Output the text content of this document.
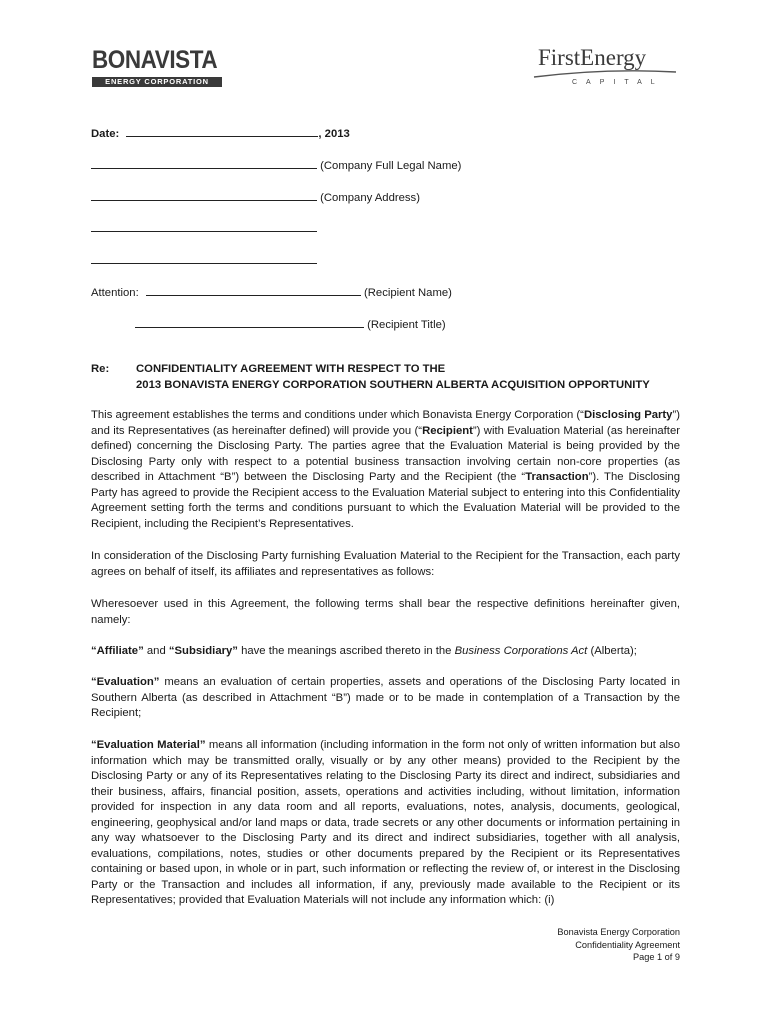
BONAVISTA
ENERGY CORPORATION
FirstEnergy
CAPITAL
Date:	, 2013
(Company Full Legal Name)
(Company Address)
Attention:	(Recipient Name)
(Recipient Title)
Re: CONFIDENTIALITY AGREEMENT WITH RESPECT TO THE
2013 BONAVISTA ENERGY CORPORATION SOUTHERN ALBERTA ACQUISITION OPPORTUNITY

This agreement establishes the terms and conditions under which Bonavista Energy Corporation (“Disclosing Party”) and its Representatives (as hereinafter defined) will provide you (“Recipient”) with Evaluation Material (as hereinafter defined) concerning the Disclosing Party. The parties agree that the Evaluation Material is being provided by the Disclosing Party only with respect to a potential business transaction involving certain non-core properties (as described in Attachment “B”) between the Disclosing Party and the Recipient (the “Transaction”). The Disclosing Party has agreed to provide the Recipient access to the Evaluation Material subject to entering into this Confidentiality Agreement setting forth the terms and conditions pursuant to which the Evaluation Material will be provided to the Recipient, including the Recipient’s Representatives.

In consideration of the Disclosing Party furnishing Evaluation Material to the Recipient for the Transaction, each party agrees on behalf of itself, its affiliates and representatives as follows:

Wheresoever used in this Agreement, the following terms shall bear the respective definitions hereinafter given, namely:

“Affiliate” and “Subsidiary” have the meanings ascribed thereto in the Business Corporations Act (Alberta);

“Evaluation” means an evaluation of certain properties, assets and operations of the Disclosing Party located in Southern Alberta (as described in Attachment “B”) made or to be made in contemplation of a Transaction by the Recipient;

“Evaluation Material” means all information (including information in the form not only of written information but also information which may be transmitted orally, visually or by any other means) provided to the Recipient by the Disclosing Party or any of its Representatives relating to the Disclosing Party its direct and indirect, subsidiaries and their business, affairs, financial position, assets, operations and activities including, without limitation, information provided for inspection in any data room and all reports, evaluations, notes, analysis, documents, geological, engineering, geophysical and/or land maps or data, trade secrets or any other documents or information pertaining in any way whatsoever to the Disclosing Party and its direct and indirect subsidiaries, together with all analysis, evaluations, compilations, notes, studies or other documents prepared by the Recipient or its Representatives containing or based upon, in whole or in part, such information or reflecting the review of, or interest in the Disclosing Party or the Transaction and includes all information, if any, previously made available to the Recipient or its Representatives; provided that Evaluation Materials will not include any information which: (i)

Bonavista Energy Corporation
Confidentiality Agreement
Page 1 of 9
